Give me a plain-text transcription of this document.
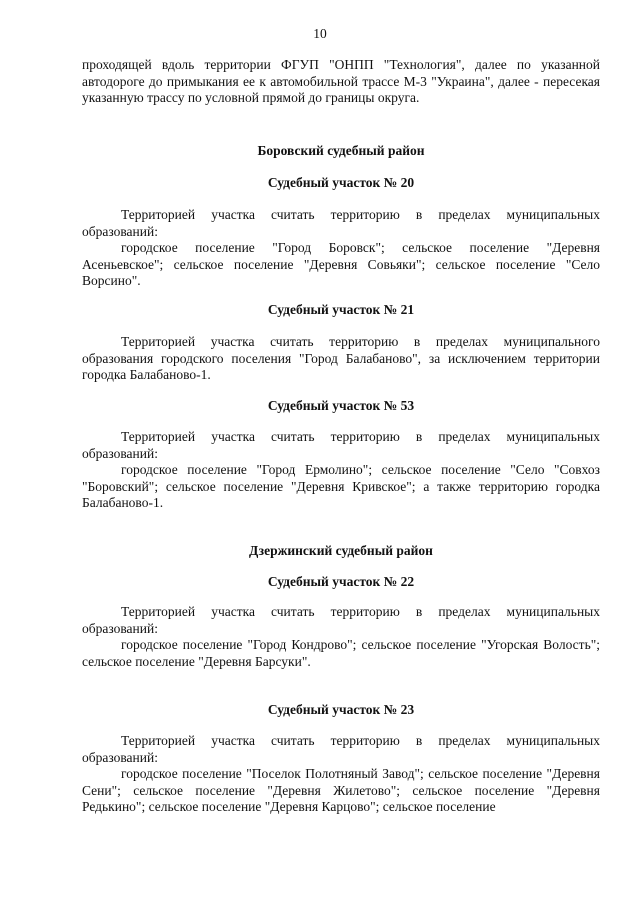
10

проходящей вдоль территории ФГУП "ОНПП "Технология", далее по указанной автодороге до примыкания ее к автомобильной трассе М-3 "Украина", далее - пересекая указанную трассу по условной прямой до границы округа.

Боровский судебный район

Судебный участок № 20

Территорией участка считать территорию в пределах муниципальных образований:

городское поселение "Город Боровск"; сельское поселение "Деревня Асеньевское"; сельское поселение "Деревня Совьяки"; сельское поселение "Село Ворсино".

Судебный участок № 21

Территорией участка считать территорию в пределах муниципального образования городского поселения "Город Балабаново", за исключением территории городка Балабаново-1.

Судебный участок № 53

Территорией участка считать территорию в пределах муниципальных образований:

городское поселение "Город Ермолино"; сельское поселение "Село "Совхоз "Боровский"; сельское поселение "Деревня Кривское"; а также территорию городка Балабаново-1.

Дзержинский судебный район

Судебный участок № 22

Территорией участка считать территорию в пределах муниципальных образований:

городское поселение "Город Кондрово"; сельское поселение "Угорская Волость"; сельское поселение "Деревня Барсуки".

Судебный участок № 23

Территорией участка считать территорию в пределах муниципальных образований:

городское поселение "Поселок Полотняный Завод"; сельское поселение "Деревня Сени"; сельское поселение "Деревня Жилетово"; сельское поселение "Деревня Редькино"; сельское поселение "Деревня Карцово"; сельское поселение
